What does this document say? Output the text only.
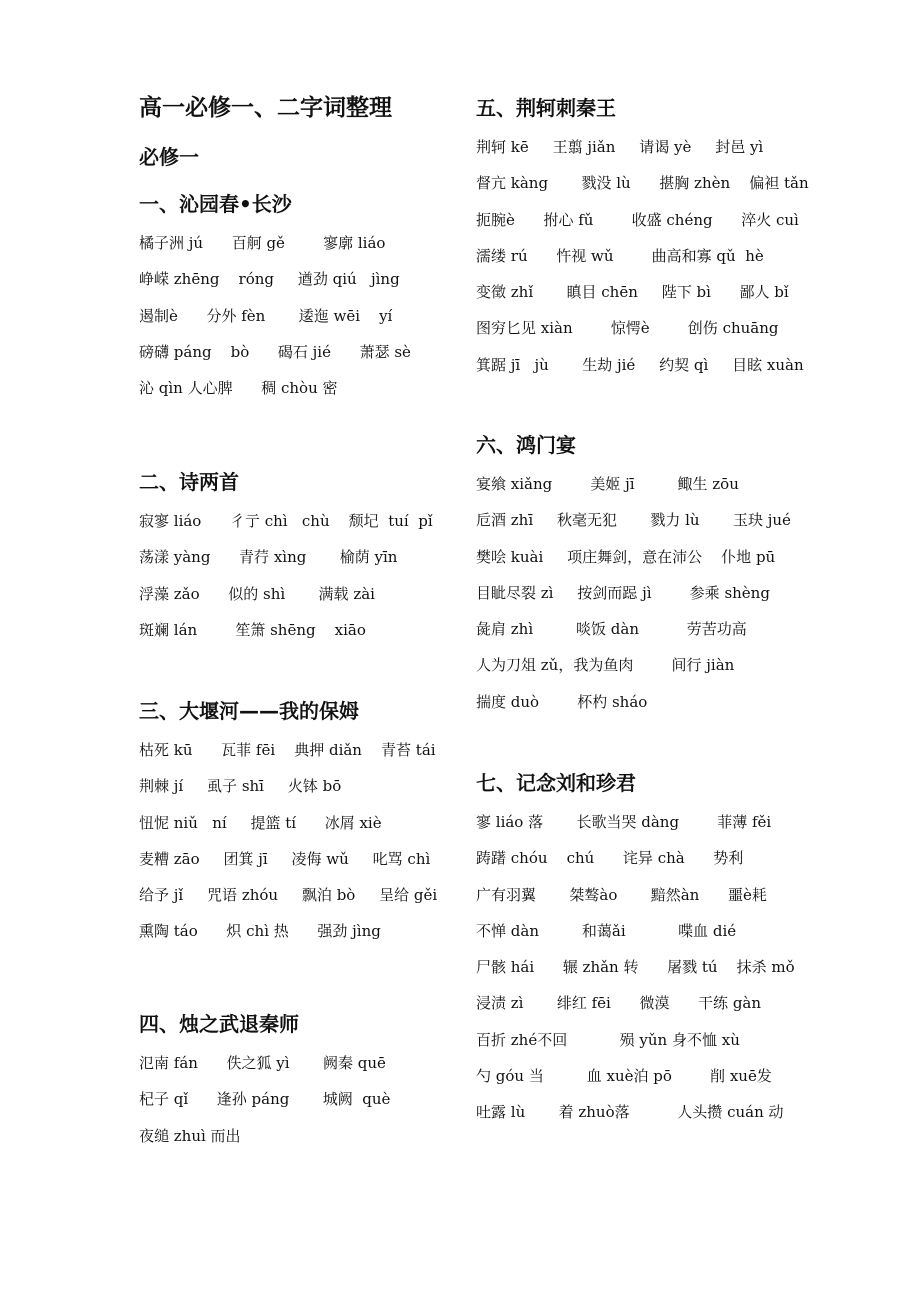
高一必修一、二字词整理
必修一
一、沁园春•长沙

橘子洲 jú      百舸 gě        寥廓 liáo

峥嵘 zhēng    róng     遒劲 qiú   jìng

遏制è      分外 fèn       逶迤 wēi    yí

磅礴 páng    bò      碣石 jié      萧瑟 sè

沁 qìn 人心脾      稠 chòu 密

二、诗两首

寂寥 liáo      彳亍 chì   chù    颓圮  tuí  pǐ

荡漾 yàng      青荇 xìng       榆荫 yīn

浮藻 zǎo      似的 shì       满载 zài

斑斓 lán        笙箫 shēng    xiāo

三、大堰河——我的保姆

枯死 kū      瓦菲 fēi    典押 diǎn    青苔 tái

荆棘 jí     虱子 shī     火钵 bō

忸怩 niǔ   ní     提篮 tí      冰屑 xiè

麦糟 zāo     团箕 jī     凌侮 wǔ     叱骂 chì

给予 jǐ     咒语 zhóu     飘泊 bò     呈给 gěi

熏陶 táo      炽 chì 热      强劲 jìng

四、烛之武退秦师

氾南 fán      佚之狐 yì       阙秦 quē

杞子 qǐ      逢孙 páng       城阙  què

夜缒 zhuì 而出

五、荆轲刺秦王

荆轲 kē     王翦 jiǎn     请谒 yè     封邑 yì

督亢 kàng       戮没 lù      揕胸 zhèn    偏袒 tǎn

扼腕è      拊心 fǔ        收盛 chéng      淬火 cuì

濡缕 rú      忤视 wǔ        曲高和寡 qǔ  hè

变徵 zhǐ       瞋目 chēn     陛下 bì      鄙人 bǐ

图穷匕见 xiàn        惊愕è        创伤 chuāng

箕踞 jī   jù       生劫 jié     约契 qì     目眩 xuàn

六、鸿门宴

宴飨 xiǎng        美姬 jī         鲰生 zōu

卮酒 zhī     秋毫无犯       戮力 lù       玉玦 jué

樊哙 kuài     项庄舞剑，意在沛公    仆地 pū

目眦尽裂 zì     按剑而跽 jì        参乘 shèng

彘肩 zhì         啖饭 dàn          劳苦功高

人为刀俎 zǔ，我为鱼肉        间行 jiàn

揣度 duò        杯杓 sháo

七、记念刘和珍君

寥 liáo 落       长歌当哭 dàng        菲薄 fěi

踌躇 chóu    chú      诧异 chà      势利

广有羽翼       桀骜ào       黯然àn      噩è耗

不惮 dàn         和蔼ǎi           喋血 dié

尸骸 hái      辗 zhǎn 转      屠戮 tú    抹杀 mǒ

浸渍 zì       绯红 fēi      微漠      干练 gàn

百折 zhé不回           殒 yǔn 身不恤 xù

勺 góu 当         血 xuè泊 pō        削 xuē发

吐露 lù       着 zhuò落          人头攒 cuán 动
